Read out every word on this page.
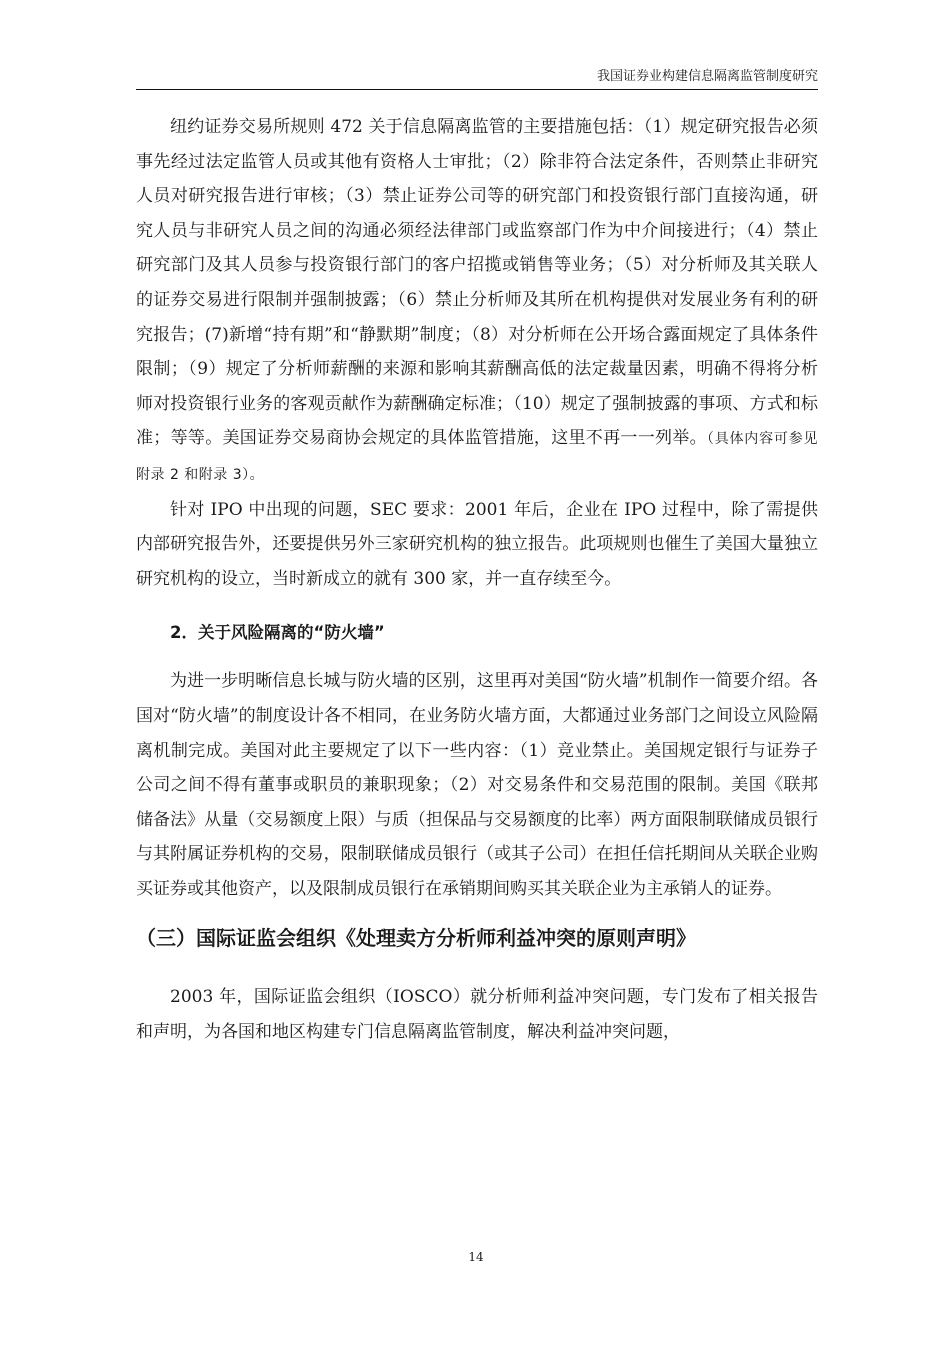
我国证券业构建信息隔离监管制度研究

纽约证券交易所规则 472 关于信息隔离监管的主要措施包括：（1）规定研究报告必须事先经过法定监管人员或其他有资格人士审批；（2）除非符合法定条件，否则禁止非研究人员对研究报告进行审核；（3）禁止证券公司等的研究部门和投资银行部门直接沟通，研究人员与非研究人员之间的沟通必须经法律部门或监察部门作为中介间接进行；（4）禁止研究部门及其人员参与投资银行部门的客户招揽或销售等业务；（5）对分析师及其关联人的证券交易进行限制并强制披露；（6）禁止分析师及其所在机构提供对发展业务有利的研究报告；(7)新增“持有期”和“静默期”制度；（8）对分析师在公开场合露面规定了具体条件限制；（9）规定了分析师薪酬的来源和影响其薪酬高低的法定裁量因素，明确不得将分析师对投资银行业务的客观贡献作为薪酬确定标准；（10）规定了强制披露的事项、方式和标准；等等。美国证券交易商协会规定的具体监管措施，这里不再一一列举。（具体内容可参见附录 2 和附录 3）。

针对 IPO 中出现的问题，SEC 要求：2001 年后，企业在 IPO 过程中，除了需提供内部研究报告外，还要提供另外三家研究机构的独立报告。此项规则也催生了美国大量独立研究机构的设立，当时新成立的就有 300 家，并一直存续至今。

2．关于风险隔离的“防火墙”

为进一步明晰信息长城与防火墙的区别，这里再对美国“防火墙”机制作一简要介绍。各国对“防火墙”的制度设计各不相同，在业务防火墙方面，大都通过业务部门之间设立风险隔离机制完成。美国对此主要规定了以下一些内容：（1）竞业禁止。美国规定银行与证券子公司之间不得有董事或职员的兼职现象；（2）对交易条件和交易范围的限制。美国《联邦储备法》从量（交易额度上限）与质（担保品与交易额度的比率）两方面限制联储成员银行与其附属证券机构的交易，限制联储成员银行（或其子公司）在担任信托期间从关联企业购买证券或其他资产，以及限制成员银行在承销期间购买其关联企业为主承销人的证券。

（三）国际证监会组织《处理卖方分析师利益冲突的原则声明》

2003 年，国际证监会组织（IOSCO）就分析师利益冲突问题，专门发布了相关报告和声明，为各国和地区构建专门信息隔离监管制度，解决利益冲突问题，

14
